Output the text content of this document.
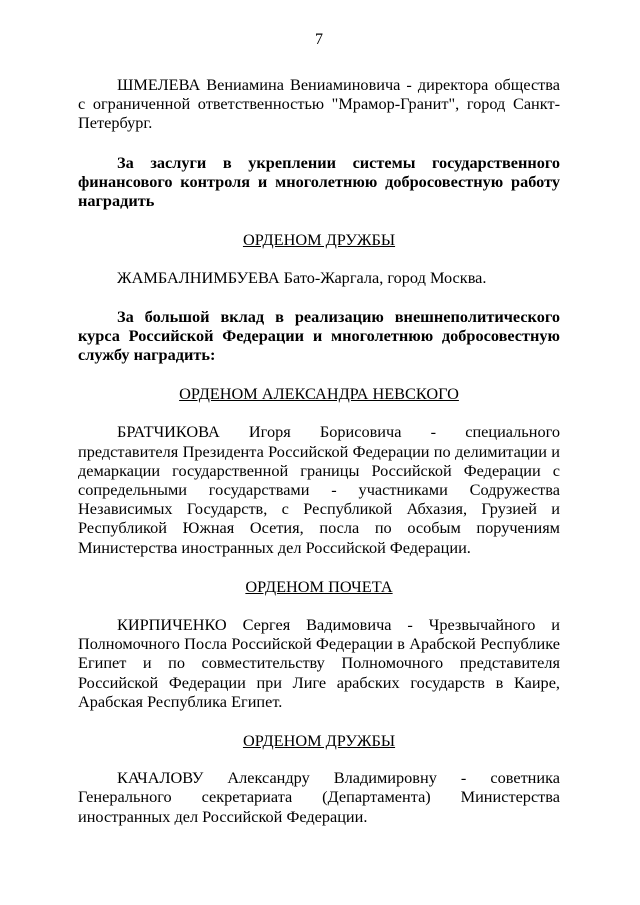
7

ШМЕЛЕВА Вениамина Вениаминовича - директора общества с ограниченной ответственностью "Мрамор-Гранит", город Санкт-Петербург.

За заслуги в укреплении системы государственного финансового контроля и многолетнюю добросовестную работу наградить

ОРДЕНОМ ДРУЖБЫ

ЖАМБАЛНИМБУЕВА Бато-Жаргала, город Москва.

За большой вклад в реализацию внешнеполитического курса Российской Федерации и многолетнюю добросовестную службу наградить:

ОРДЕНОМ АЛЕКСАНДРА НЕВСКОГО

БРАТЧИКОВА Игоря Борисовича - специального представителя Президента Российской Федерации по делимитации и демаркации государственной границы Российской Федерации с сопредельными государствами - участниками Содружества Независимых Государств, с Республикой Абхазия, Грузией и Республикой Южная Осетия, посла по особым поручениям Министерства иностранных дел Российской Федерации.

ОРДЕНОМ ПОЧЕТА

КИРПИЧЕНКО Сергея Вадимовича - Чрезвычайного и Полномочного Посла Российской Федерации в Арабской Республике Египет и по совместительству Полномочного представителя Российской Федерации при Лиге арабских государств в Каире, Арабская Республика Египет.

ОРДЕНОМ ДРУЖБЫ

КАЧАЛОВУ Александру Владимировну - советника Генерального секретариата (Департамента) Министерства иностранных дел Российской Федерации.
